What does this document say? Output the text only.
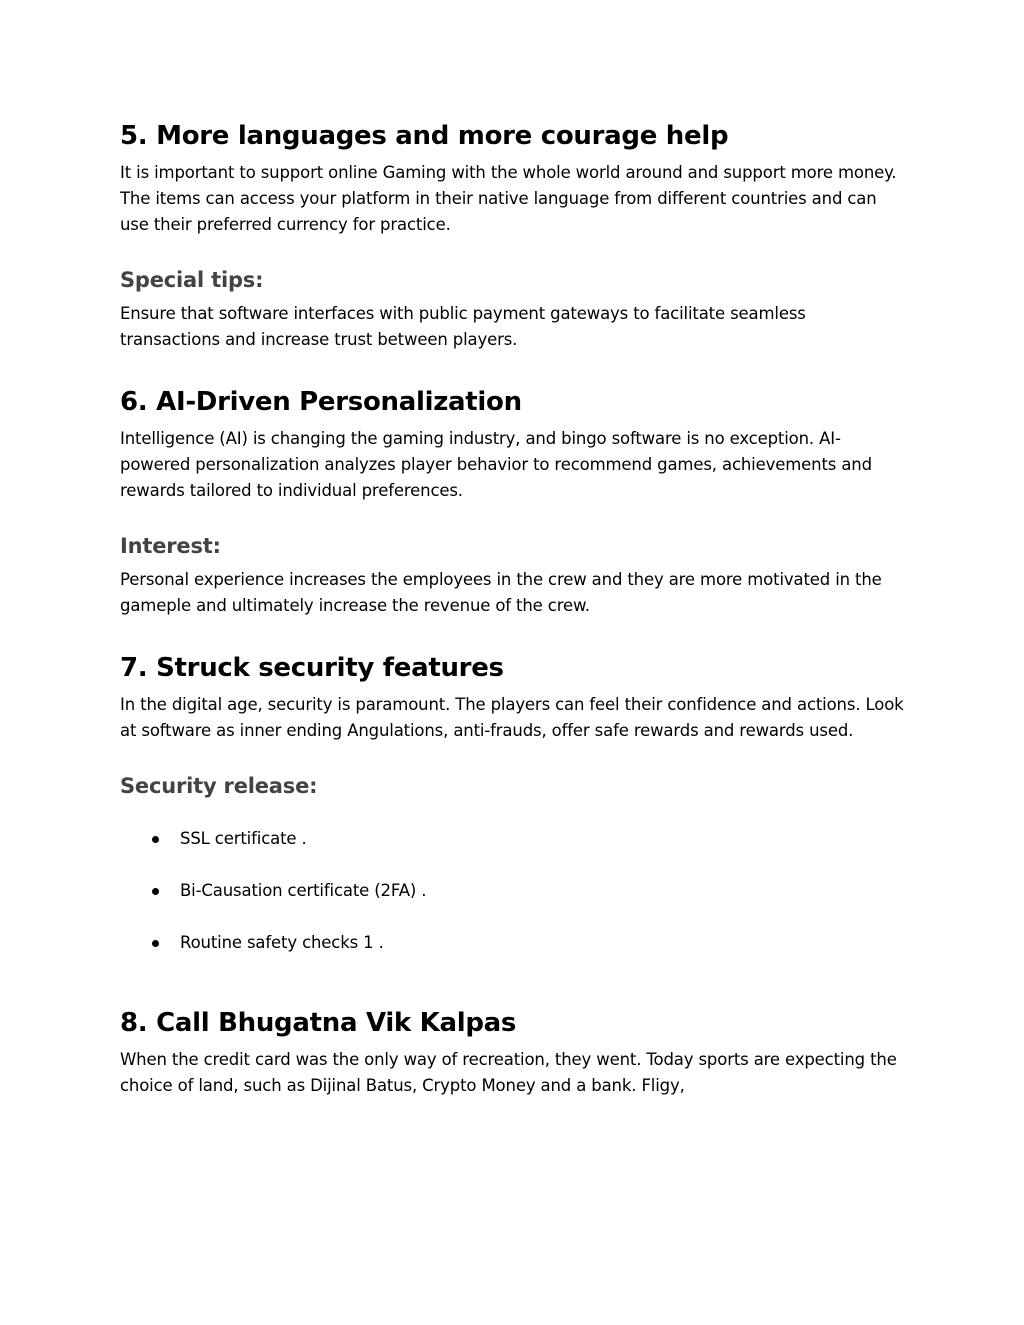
5. More languages and more courage help

It is important to support online Gaming with the whole world around and support more money. The items can access your platform in their native language from different countries and can use their preferred currency for practice.

Special tips:

Ensure that software interfaces with public payment gateways to facilitate seamless transactions and increase trust between players.

6. AI-Driven Personalization

Intelligence (AI) is changing the gaming industry, and bingo software is no exception. AI-powered personalization analyzes player behavior to recommend games, achievements and rewards tailored to individual preferences.

Interest:

Personal experience increases the employees in the crew and they are more motivated in the gameple and ultimately increase the revenue of the crew.

7. Struck security features

In the digital age, security is paramount. The players can feel their confidence and actions. Look at software as inner ending Angulations, anti-frauds, offer safe rewards and rewards used.

Security release:
SSL certificate .
Bi-Causation certificate (2FA) .
Routine safety checks 1 .
8. Call Bhugatna Vik Kalpas

When the credit card was the only way of recreation, they went. Today sports are expecting the choice of land, such as Dijinal Batus, Crypto Money and a bank. Fligy,
